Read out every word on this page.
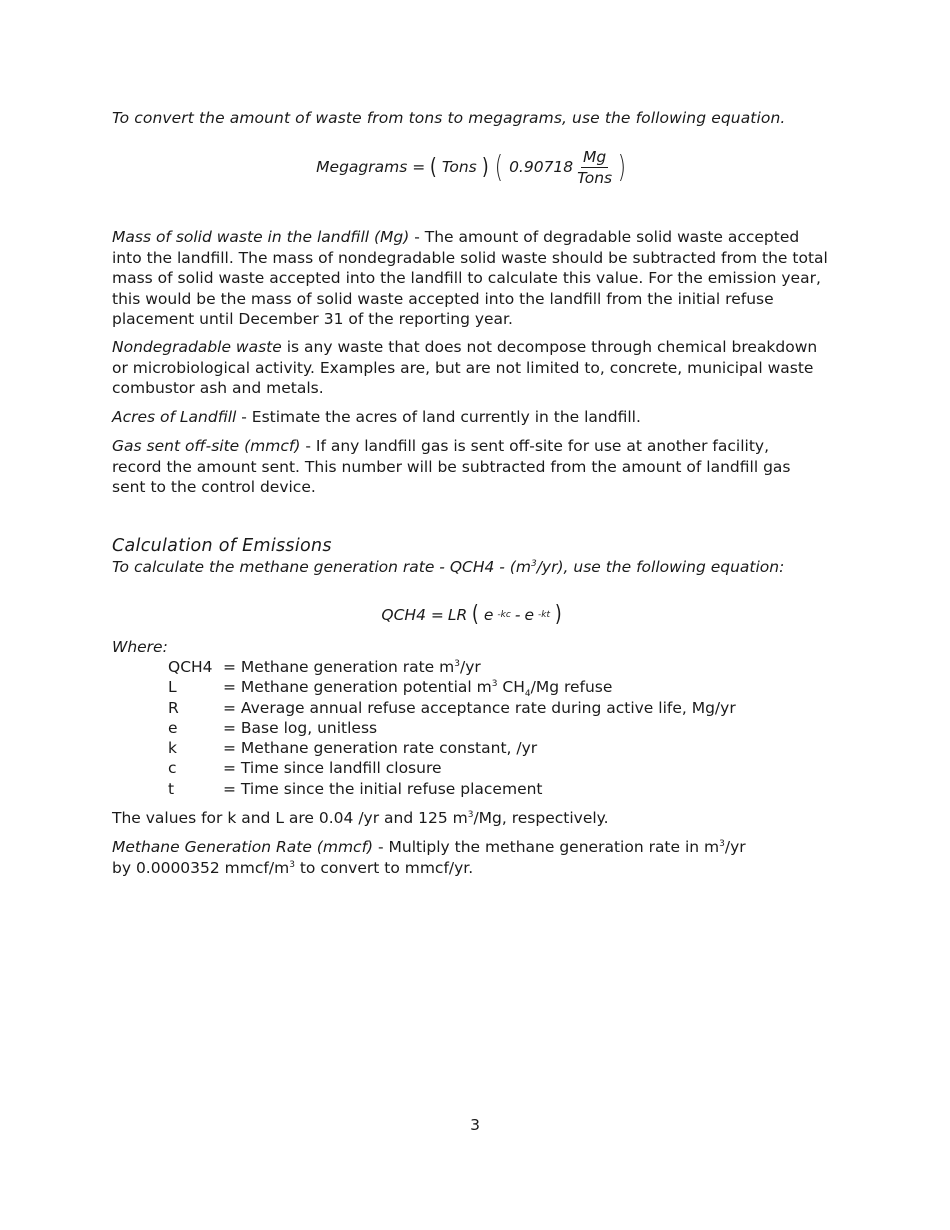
To convert the amount of waste from tons to megagrams, use the following equation.

Megagrams = ( Tons ) ( $0.90718 \frac{Mg}{\text{Tons}}$ )

Mass of solid waste in the landfill (Mg) - The amount of degradable solid waste accepted into the landfill. The mass of nondegradable solid waste should be subtracted from the total mass of solid waste accepted into the landfill to calculate this value. For the emission year, this would be the mass of solid waste accepted into the landfill from the initial refuse placement until December 31 of the reporting year.

Nondegradable waste is any waste that does not decompose through chemical breakdown or microbiological activity. Examples are, but are not limited to, concrete, municipal waste combustor ash and metals.

Acres of Landfill - Estimate the acres of land currently in the landfill.

Gas sent off-site (mmcf) - If any landfill gas is sent off-site for use at another facility, record the amount sent. This number will be subtracted from the amount of landfill gas sent to the control device.

Calculation of Emissions

To calculate the methane generation rate - $QCH4 - (m^3/yr)$, use the following equation:

QCH4 = LR ( e -kc - e -kt )
Where:
QCH4 = Methane generation rate $m^3/yr$
L	= Methane generation potential $m^3$ $CH_4/Mg$ refuse
R	= Average annual refuse acceptance rate during active life, Mg/yr
e	= Base log, unitless
k	= Methane generation rate constant, /yr
c	= Time since landfill closure
t	= Time since the initial refuse placement

The values for k and L are 0.04 /yr and 125 $m^3/Mg$, respectively.

Methane Generation Rate (mmcf) - Multiply the methane generation rate in $m^3/yr$ by 0.0000352 mmcf/$m^3$ to convert to mmcf/yr.

3
